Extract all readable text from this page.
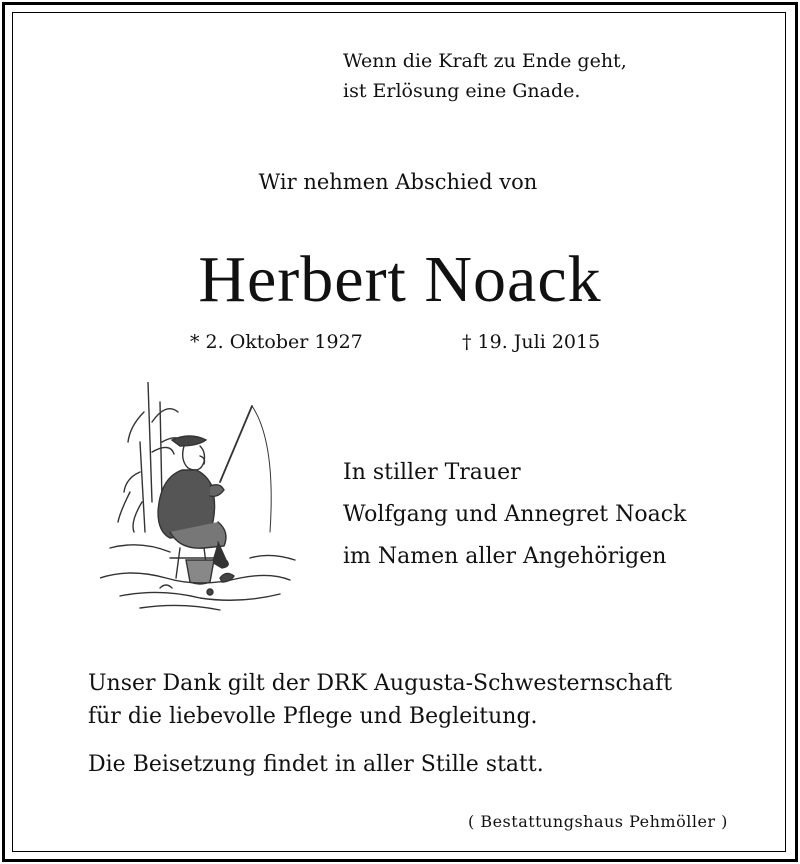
Wenn die Kraft zu Ende geht,
ist Erlösung eine Gnade.
Wir nehmen Abschied von
Herbert Noack
* 2. Oktober 1927	† 19. Juli 2015
In stiller Trauer
Wolfgang und Annegret Noack
im Namen aller Angehörigen
Unser Dank gilt der DRK Augusta-Schwesternschaft
für die liebevolle Pflege und Begleitung.
Die Beisetzung findet in aller Stille statt.
( Bestattungshaus Pehmöller )
